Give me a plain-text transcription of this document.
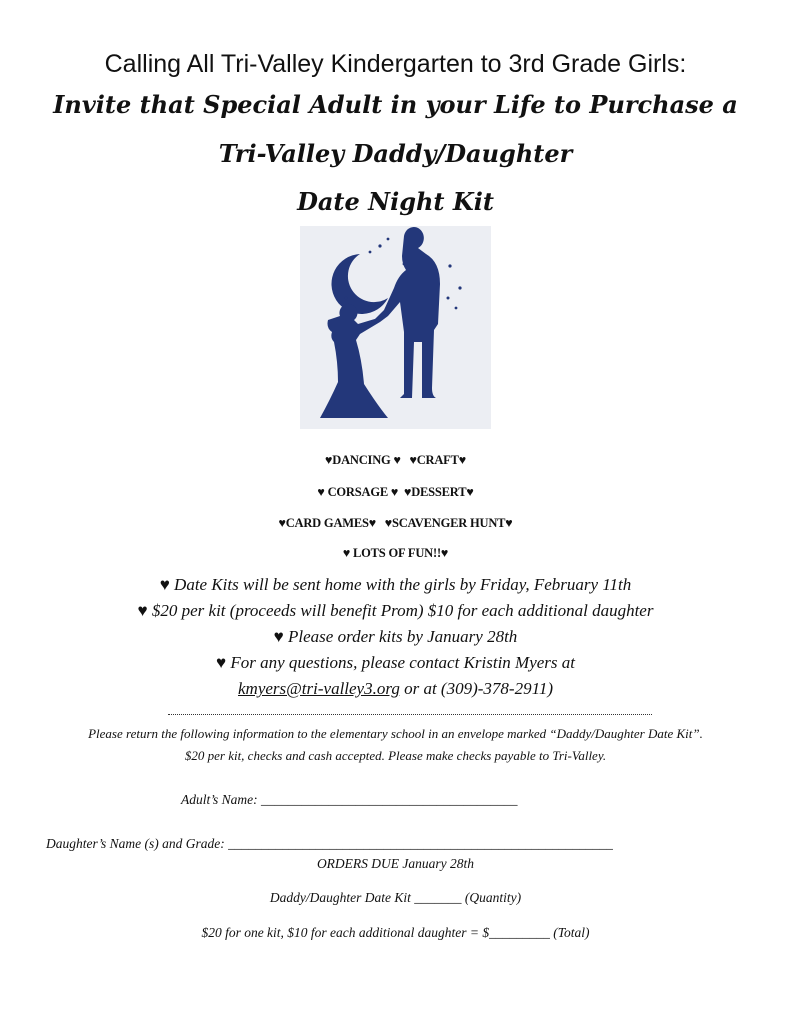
Calling All Tri-Valley Kindergarten to 3rd Grade Girls:
Invite that Special Adult in your Life to Purchase a
Tri-Valley Daddy/Daughter
Date Night Kit
♥DANCING ♥   ♥CRAFT♥
♥ CORSAGE ♥  ♥DESSERT♥
♥CARD GAMES♥   ♥SCAVENGER HUNT♥
♥ LOTS OF FUN!!♥
♥ Date Kits will be sent home with the girls by Friday, February 11th
♥ $20 per kit (proceeds will benefit Prom) $10 for each additional daughter
♥ Please order kits by January 28th
♥ For any questions, please contact Kristin Myers at
kmyers@tri-valley3.org or at (309)-378-2911)
Please return the following information to the elementary school in an envelope marked “Daddy/Daughter Date Kit”.
$20 per kit, checks and cash accepted. Please make checks payable to Tri-Valley.
Adult’s Name: ______________________________________
Daughter’s Name (s) and Grade: _________________________________________________________
ORDERS DUE January 28th
Daddy/Daughter Date Kit _______ (Quantity)
$20 for one kit, $10 for each additional daughter = $_________ (Total)
